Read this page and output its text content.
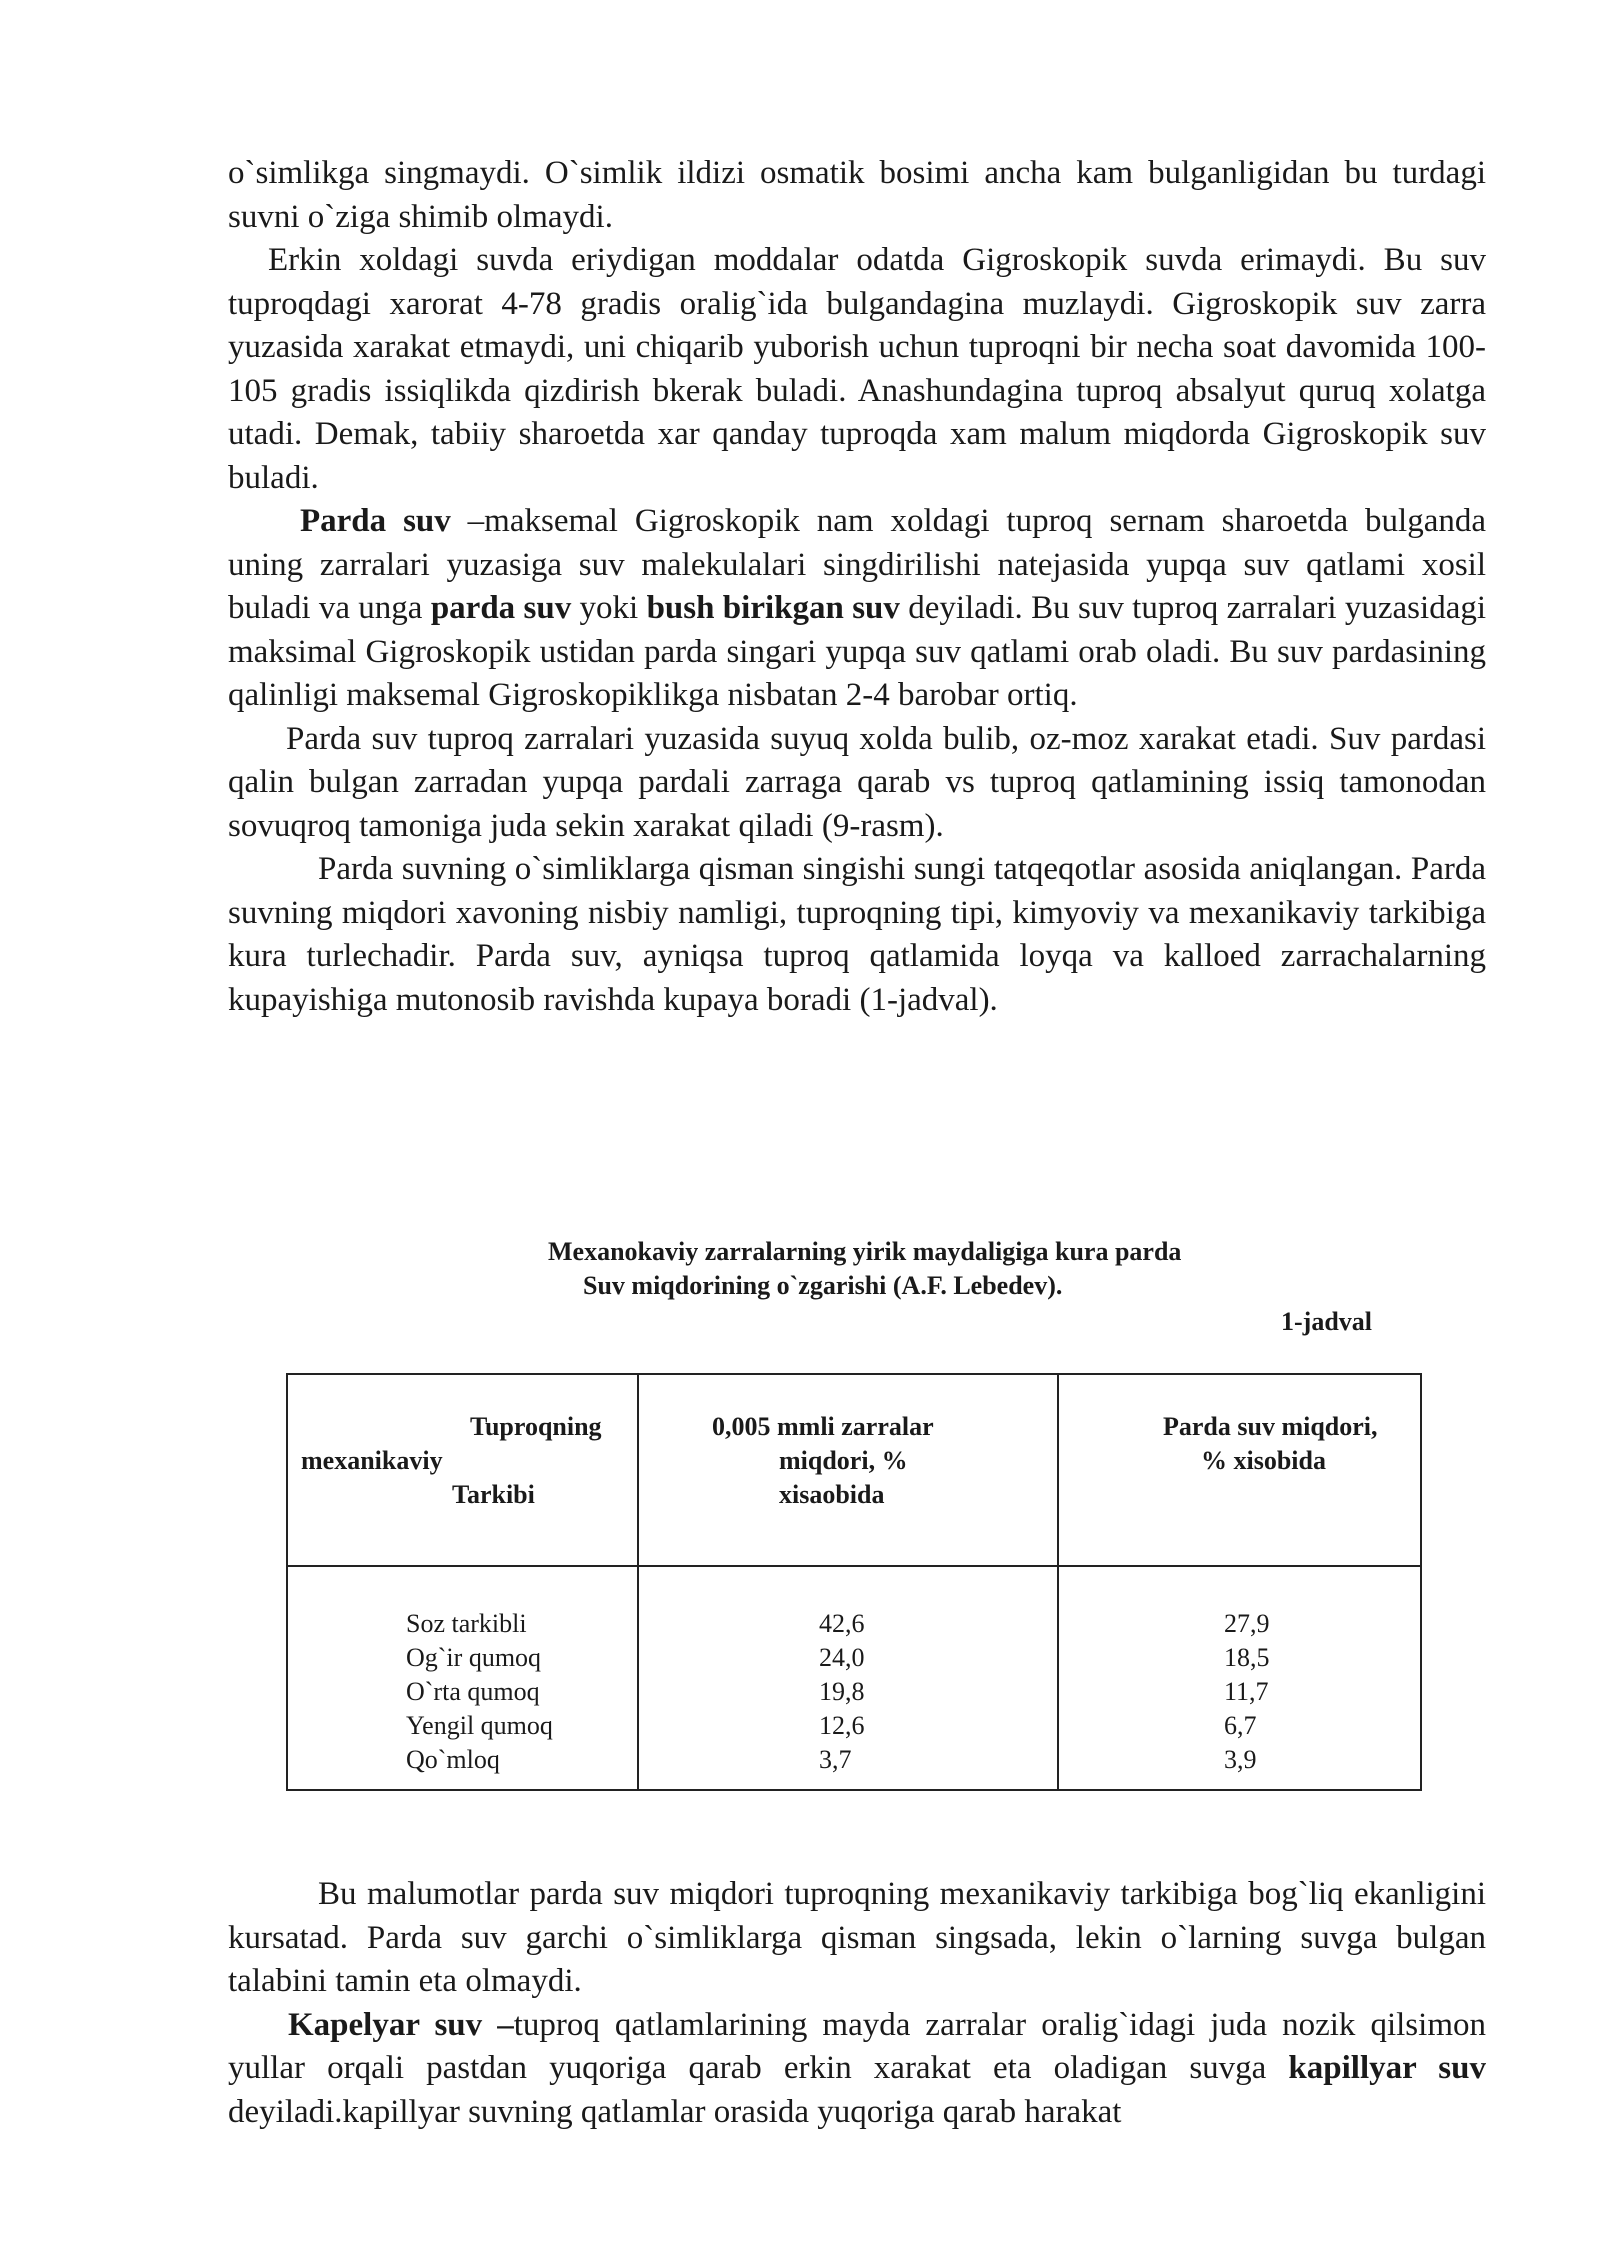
o`simlikga singmaydi. O`simlik ildizi osmatik bosimi ancha kam bulganligidan bu turdagi suvni o`ziga shimib olmaydi.

Erkin xoldagi suvda eriydigan moddalar odatda Gigroskopik suvda erimaydi. Bu suv tuproqdagi xarorat 4-78 gradis oralig`ida bulgandagina muzlaydi. Gigroskopik suv zarra yuzasida xarakat etmaydi, uni chiqarib yuborish uchun tuproqni bir necha soat davomida 100-105 gradis issiqlikda qizdirish bkerak buladi. Anashundagina tuproq absalyut quruq xolatga utadi. Demak, tabiiy sharoetda xar qanday tuproqda xam malum miqdorda Gigroskopik suv buladi.

Parda suv –maksemal Gigroskopik nam xoldagi tuproq sernam sharoetda bulganda uning zarralari yuzasiga suv malekulalari singdirilishi natejasida yupqa suv qatlami xosil buladi va unga parda suv yoki bush birikgan suv deyiladi. Bu suv tuproq zarralari yuzasidagi maksimal Gigroskopik ustidan parda singari yupqa suv qatlami orab oladi. Bu suv pardasining qalinligi maksemal Gigroskopiklikga nisbatan 2-4 barobar ortiq.

Parda suv tuproq zarralari yuzasida suyuq xolda bulib, oz-moz xarakat etadi. Suv pardasi qalin bulgan zarradan yupqa pardali zarraga qarab vs tuproq qatlamining issiq tamonodan sovuqroq tamoniga juda sekin xarakat qiladi (9-rasm).

Parda suvning o`simliklarga qisman singishi sungi tatqeqotlar asosida aniqlangan. Parda suvning miqdori xavoning nisbiy namligi, tuproqning tipi, kimyoviy va mexanikaviy tarkibiga kura turlechadir. Parda suv, ayniqsa tuproq qatlamida loyqa va kalloed zarrachalarning kupayishiga mutonosib ravishda kupaya boradi (1-jadval).

Mexanokaviy zarralarning yirik maydaligiga kura parda
Suv miqdorining o`zgarishi (A.F. Lebedev).
1-jadval
Tuproqning
mexanikaviy
Tarkibi
0,005 mmli zarralar
miqdori, %
xisaobida
Parda suv miqdori,
% xisobida
Soz tarkibli
Og`ir qumoq
O`rta qumoq
Yengil qumoq
Qo`mloq
42,6
24,0
19,8
12,6
3,7
27,9
18,5
11,7
6,7
3,9

Bu malumotlar parda suv miqdori tuproqning mexanikaviy tarkibiga bog`liq ekanligini kursatad. Parda suv garchi o`simliklarga qisman singsada, lekin o`larning suvga bulgan talabini tamin eta olmaydi.

Kapelyar suv –tuproq qatlamlarining mayda zarralar oralig`idagi juda nozik qilsimon yullar orqali pastdan yuqoriga qarab erkin xarakat eta oladigan suvga kapillyar suv deyiladi.kapillyar suvning qatlamlar orasida yuqoriga qarab harakat
